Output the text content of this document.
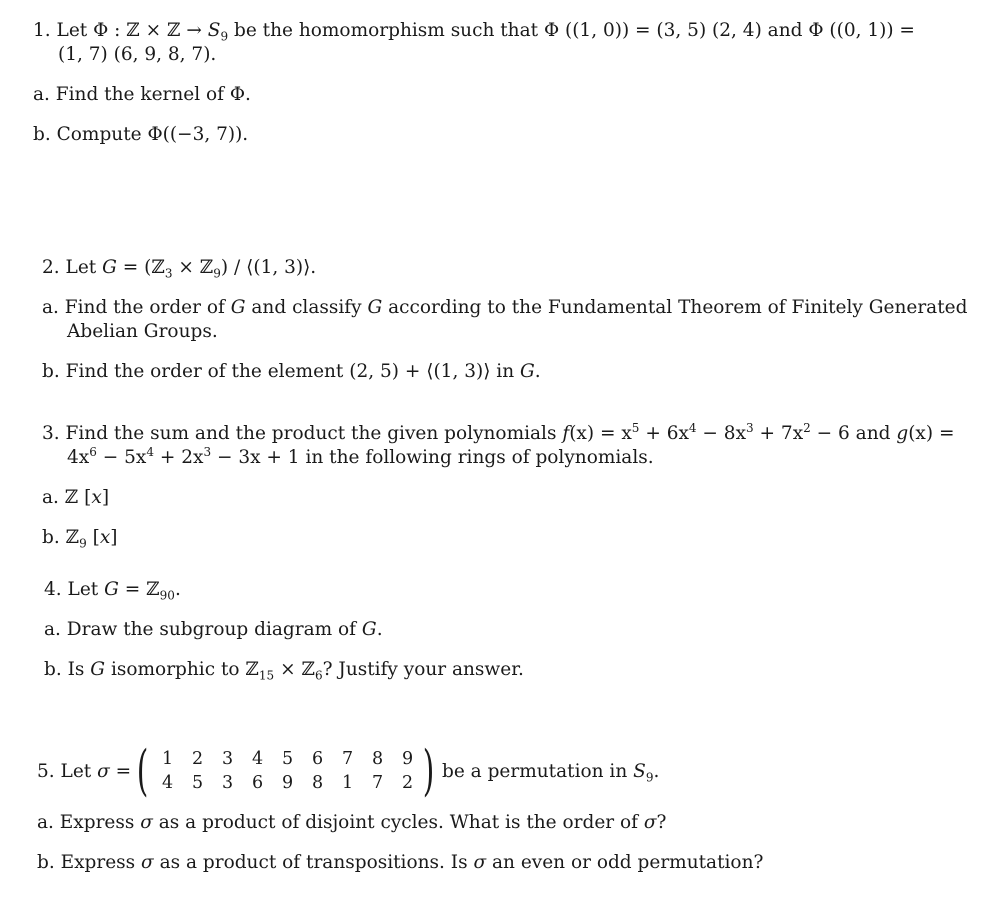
1. Let Φ : ℤ × ℤ → $S_9$ be the homomorphism such that Φ ((1, 0)) = (3, 5) (2, 4) and Φ ((0, 1)) =
(1, 7) (6, 9, 8, 7).
a. Find the kernel of Φ.
b. Compute Φ((−3, 7)).
2. Let G = (ℤ$_3$ × ℤ$_9$) / ⟨(1, 3)⟩.
a. Find the order of G and classify G according to the Fundamental Theorem of Finitely Generated
Abelian Groups.
b. Find the order of the element (2, 5) + ⟨(1, 3)⟩ in G.
3. Find the sum and the product the given polynomials $f(x) = x^5 + 6x^4 - 8x^3 + 7x^2 - 6$ and g(x) =
$4x^6 - 5x^4 + 2x^3 - 3x + 1$ in the following rings of polynomials.
a. ℤ [x]
b. ℤ$_9$ [x]
4. Let G = ℤ$_{90}$.
a. Draw the subgroup diagram of G.
b. Is G isomorphic to ℤ$_{15}$ × ℤ$_6$? Justify your answer.
5. Let σ = ( 1	2	3	4	5	6	7	8	9
4	5	3	6	9	8	1	7	2 ) be a permutation in $S_9$.
a. Express σ as a product of disjoint cycles. What is the order of σ?
b. Express σ as a product of transpositions. Is σ an even or odd permutation?
